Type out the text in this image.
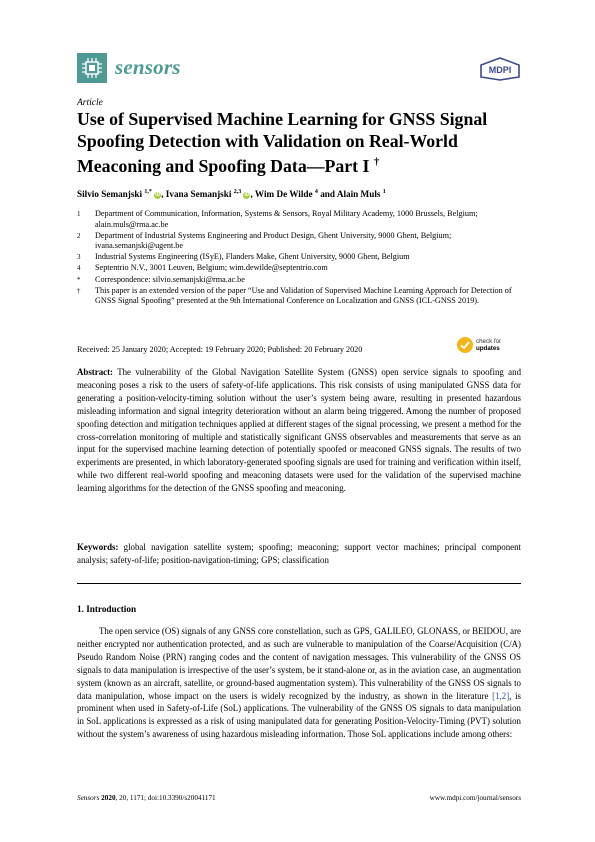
sensors	MDPI
Article
Use of Supervised Machine Learning for GNSS Signal Spoofing Detection with Validation on Real-World Meaconing and Spoofing Data—Part I †
Silvio Semanjski $^{1,*}$ iD, Ivana Semanjski $^{2,3}$ iD, Wim De Wilde $^4$ and Alain Muls $^1$
1	Department of Communication, Information, Systems & Sensors, Royal Military Academy, 1000 Brussels, Belgium; alain.muls@rma.ac.be
2	Department of Industrial Systems Engineering and Product Design, Ghent University, 9000 Ghent, Belgium; ivana.semanjski@ugent.be
3	Industrial Systems Engineering (ISyE), Flanders Make, Ghent University, 9000 Ghent, Belgium
4	Septentrio N.V., 3001 Leuven, Belgium; wim.dewilde@septentrio.com
*	Correspondence: silvio.semanjski@rma.ac.be
†	This paper is an extended version of the paper “Use and Validation of Supervised Machine Learning Approach for Detection of GNSS Signal Spoofing” presented at the 9th International Conference on Localization and GNSS (ICL-GNSS 2019).
Received: 25 January 2020; Accepted: 19 February 2020; Published: 20 February 2020
check for
updates

Abstract: The vulnerability of the Global Navigation Satellite System (GNSS) open service signals to spoofing and meaconing poses a risk to the users of safety-of-life applications. This risk consists of using manipulated GNSS data for generating a position-velocity-timing solution without the user’s system being aware, resulting in presented hazardous misleading information and signal integrity deterioration without an alarm being triggered. Among the number of proposed spoofing detection and mitigation techniques applied at different stages of the signal processing, we present a method for the cross-correlation monitoring of multiple and statistically significant GNSS observables and measurements that serve as an input for the supervised machine learning detection of potentially spoofed or meaconed GNSS signals. The results of two experiments are presented, in which laboratory-generated spoofing signals are used for training and verification within itself, while two different real-world spoofing and meaconing datasets were used for the validation of the supervised machine learning algorithms for the detection of the GNSS spoofing and meaconing.

Keywords: global navigation satellite system; spoofing; meaconing; support vector machines; principal component analysis; safety-of-life; position-navigation-timing; GPS; classification

1. Introduction

The open service (OS) signals of any GNSS core constellation, such as GPS, GALILEO, GLONASS, or BEIDOU, are neither encrypted nor authentication protected, and as such are vulnerable to manipulation of the Coarse/Acquisition (C/A) Pseudo Random Noise (PRN) ranging codes and the content of navigation messages. This vulnerability of the GNSS OS signals to data manipulation is irrespective of the user’s system, be it stand-alone or, as in the aviation case, an augmentation system (known as an aircraft, satellite, or ground-based augmentation system). This vulnerability of the GNSS OS signals to data manipulation, whose impact on the users is widely recognized by the industry, as shown in the literature [1,2], is prominent when used in Safety-of-Life (SoL) applications. The vulnerability of the GNSS OS signals to data manipulation in SoL applications is expressed as a risk of using manipulated data for generating Position-Velocity-Timing (PVT) solution without the system’s awareness of using hazardous misleading information. Those SoL applications include among others:

Sensors 2020, 20, 1171; doi:10.3390/s20041171	www.mdpi.com/journal/sensors
